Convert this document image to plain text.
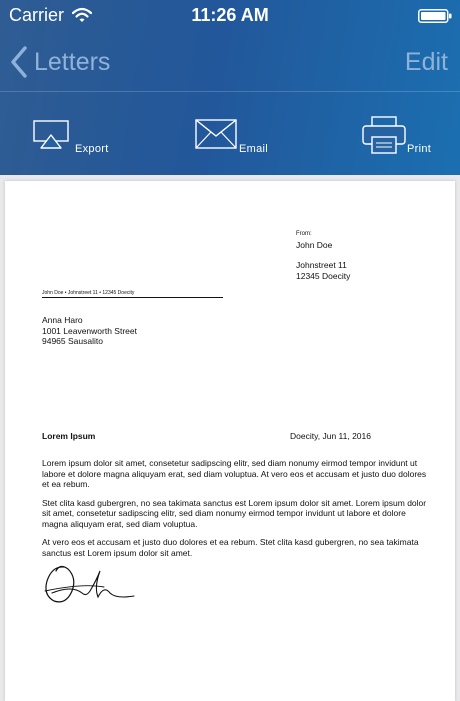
Carrier	11:26 AM
Letters	Edit
Export	Email	Print
From:
John Doe
Johnstreet 11
12345 Doecity
John Doe • Johnstreet 11 • 12345 Doecity
Anna Haro
1001 Leavenworth Street
94965 Sausalito
Lorem Ipsum	Doecity, Jun 11, 2016

Lorem ipsum dolor sit amet, consetetur sadipscing elitr, sed diam nonumy eirmod tempor invidunt ut labore et dolore magna aliquyam erat, sed diam voluptua. At vero eos et accusam et justo duo dolores et ea rebum.

Stet clita kasd gubergren, no sea takimata sanctus est Lorem ipsum dolor sit amet. Lorem ipsum dolor sit amet, consetetur sadipscing elitr, sed diam nonumy eirmod tempor invidunt ut labore et dolore magna aliquyam erat, sed diam voluptua.

At vero eos et accusam et justo duo dolores et ea rebum. Stet clita kasd gubergren, no sea takimata sanctus est Lorem ipsum dolor sit amet.
